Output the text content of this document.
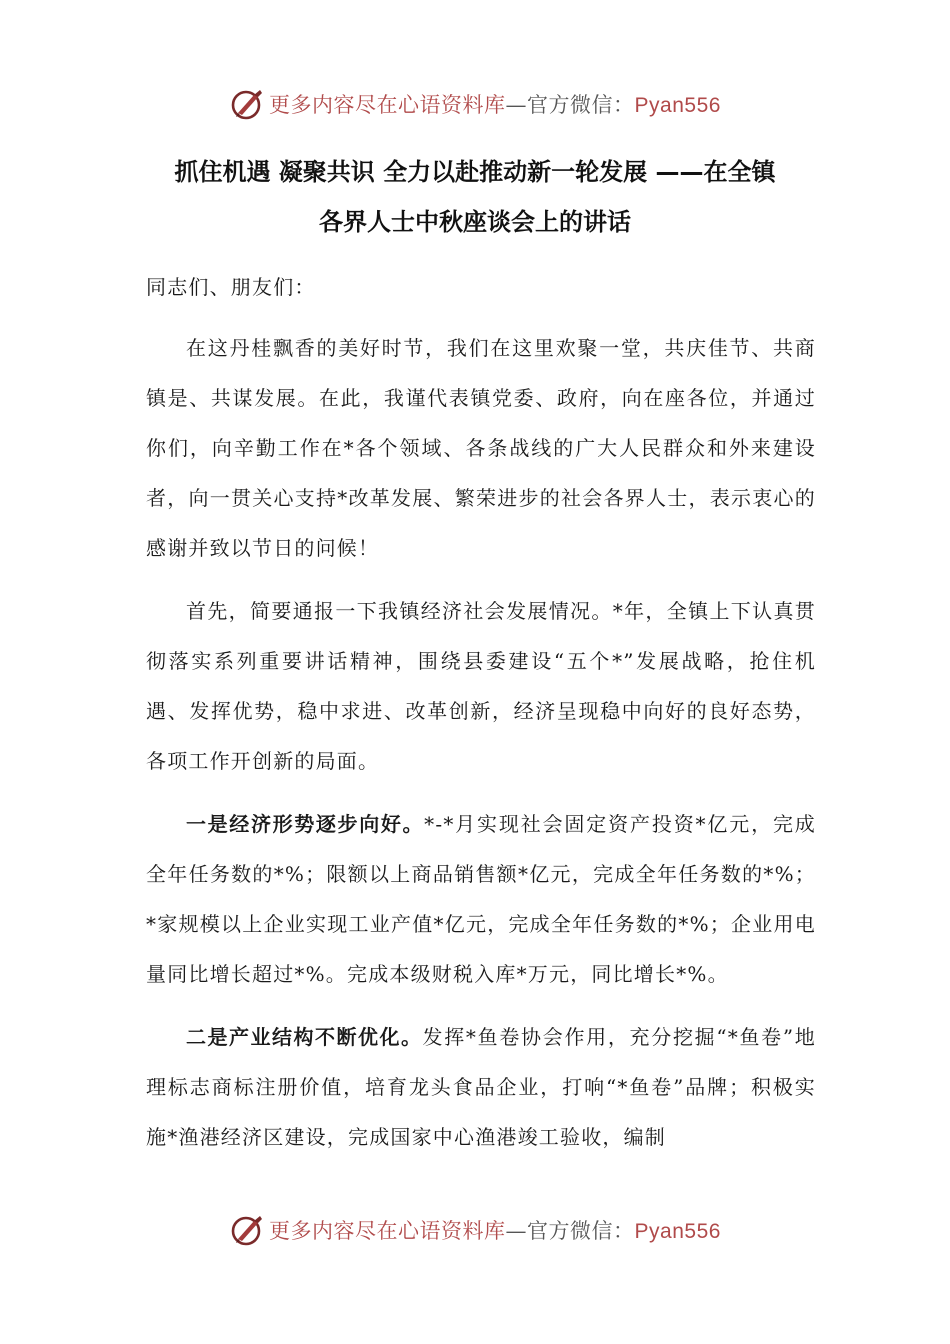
更多内容尽在心语资料库—官方微信：Pyan556
抓住机遇 凝聚共识 全力以赴推动新一轮发展 ——在全镇
各界人士中秋座谈会上的讲话

同志们、朋友们：

在这丹桂飘香的美好时节，我们在这里欢聚一堂，共庆佳节、共商镇是、共谋发展。在此，我谨代表镇党委、政府，向在座各位，并通过你们，向辛勤工作在*各个领域、各条战线的广大人民群众和外来建设者，向一贯关心支持*改革发展、繁荣进步的社会各界人士，表示衷心的感谢并致以节日的问候！

首先，简要通报一下我镇经济社会发展情况。*年，全镇上下认真贯彻落实系列重要讲话精神，围绕县委建设“五个*”发展战略，抢住机遇、发挥优势，稳中求进、改革创新，经济呈现稳中向好的良好态势，各项工作开创新的局面。

一是经济形势逐步向好。*-*月实现社会固定资产投资*亿元，完成全年任务数的*%；限额以上商品销售额*亿元，完成全年任务数的*%；*家规模以上企业实现工业产值*亿元，完成全年任务数的*%；企业用电量同比增长超过*%。完成本级财税入库*万元，同比增长*%。

二是产业结构不断优化。发挥*鱼卷协会作用，充分挖掘“*鱼卷”地理标志商标注册价值，培育龙头食品企业，打响“*鱼卷”品牌；积极实施*渔港经济区建设，完成国家中心渔港竣工验收，编制

更多内容尽在心语资料库—官方微信：Pyan556
